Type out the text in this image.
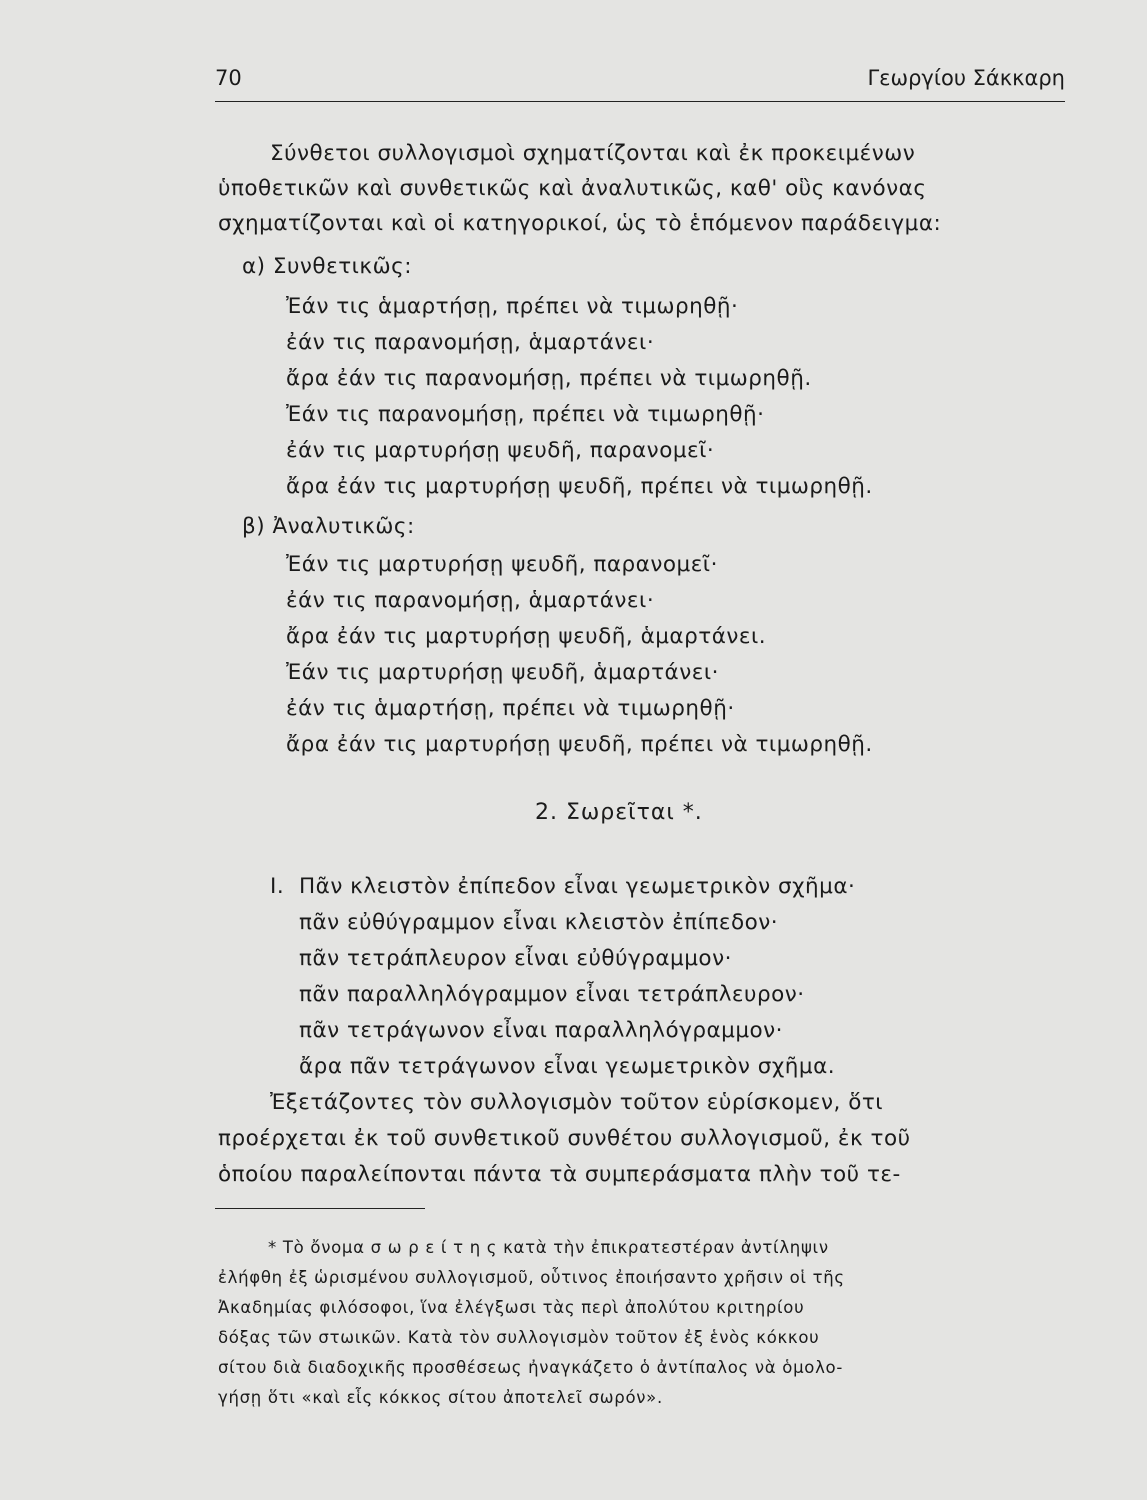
70	Γεωργίου Σάκκαρη
Σύνθετοι συλλογισμοὶ σχηματίζονται καὶ ἐκ προκειμένων
ὑποθετικῶν καὶ συνθετικῶς καὶ ἀναλυτικῶς, καθ' οὓς κανόνας
σχηματίζονται καὶ οἱ κατηγορικοί, ὡς τὸ ἑπόμενον παράδειγμα:
α) Συνθετικῶς:
Ἐάν τις ἁμαρτήσῃ, πρέπει νὰ τιμωρηθῇ·
ἐάν τις παρανομήσῃ, ἁμαρτάνει·
ἄρα ἐάν τις παρανομήσῃ, πρέπει νὰ τιμωρηθῇ.
Ἐάν τις παρανομήσῃ, πρέπει νὰ τιμωρηθῇ·
ἐάν τις μαρτυρήσῃ ψευδῆ, παρανομεῖ·
ἄρα ἐάν τις μαρτυρήσῃ ψευδῆ, πρέπει νὰ τιμωρηθῇ.
β) Ἀναλυτικῶς:
Ἐάν τις μαρτυρήσῃ ψευδῆ, παρανομεῖ·
ἐάν τις παρανομήσῃ, ἁμαρτάνει·
ἄρα ἐάν τις μαρτυρήσῃ ψευδῆ, ἁμαρτάνει.
Ἐάν τις μαρτυρήσῃ ψευδῆ, ἁμαρτάνει·
ἐάν τις ἁμαρτήσῃ, πρέπει νὰ τιμωρηθῇ·
ἄρα ἐάν τις μαρτυρήσῃ ψευδῆ, πρέπει νὰ τιμωρηθῇ.
2. Σωρεῖται *.
I. Πᾶν κλειστὸν ἐπίπεδον εἶναι γεωμετρικὸν σχῆμα·
πᾶν εὐθύγραμμον εἶναι κλειστὸν ἐπίπεδον·
πᾶν τετράπλευρον εἶναι εὐθύγραμμον·
πᾶν παραλληλόγραμμον εἶναι τετράπλευρον·
πᾶν τετράγωνον εἶναι παραλληλόγραμμον·
ἄρα πᾶν τετράγωνον εἶναι γεωμετρικὸν σχῆμα.
Ἐξετάζοντες τὸν συλλογισμὸν τοῦτον εὑρίσκομεν, ὅτι
προέρχεται ἐκ τοῦ συνθετικοῦ συνθέτου συλλογισμοῦ, ἐκ τοῦ
ὁποίου παραλείπονται πάντα τὰ συμπεράσματα πλὴν τοῦ τε-
* Τὸ ὄνομα σ ω ρ ε ί τ η ς κατὰ τὴν ἐπικρατεστέραν ἀντίληψιν
ἐλήφθη ἐξ ὡρισμένου συλλογισμοῦ, οὗτινος ἐποιήσαντο χρῆσιν οἱ τῆς
Ἀκαδημίας φιλόσοφοι, ἵνα ἐλέγξωσι τὰς περὶ ἀπολύτου κριτηρίου
δόξας τῶν στωικῶν. Κατὰ τὸν συλλογισμὸν τοῦτον ἐξ ἑνὸς κόκκου
σίτου διὰ διαδοχικῆς προσθέσεως ἠναγκάζετο ὁ ἀντίπαλος νὰ ὁμολο-
γήσῃ ὅτι «καὶ εἷς κόκκος σίτου ἀποτελεῖ σωρόν».
